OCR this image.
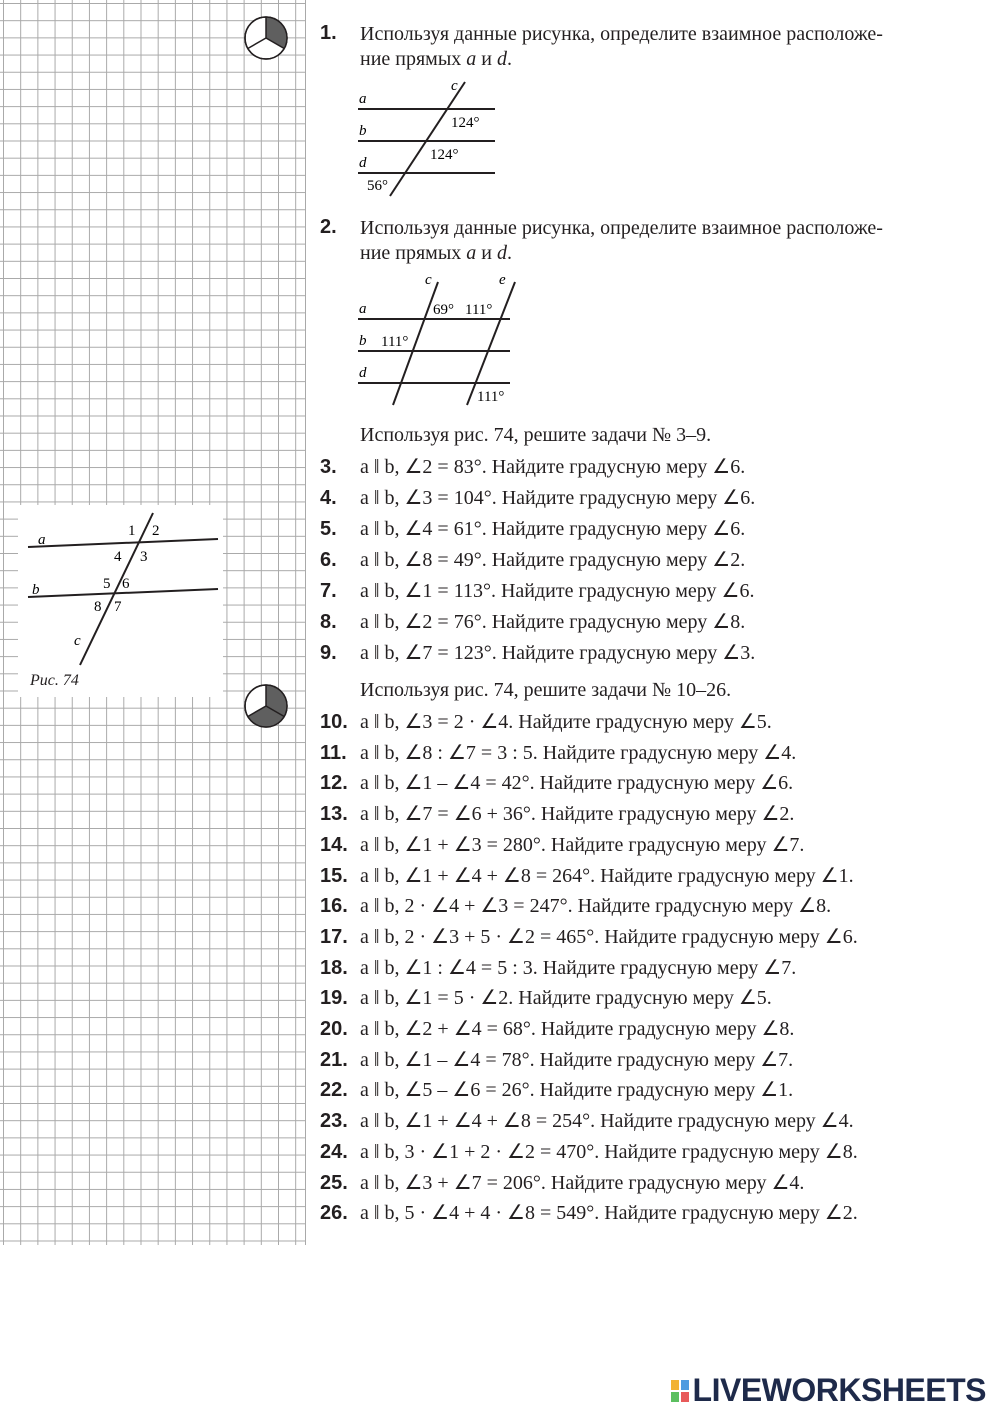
a
b
c
1 2
4 3
5 6
8 7
Рис. 74
1. Используя данные рисунка, определите взаимное расположе-
ние прямых a и d.
a
b
d
c
124°
124°
56°
2. Используя данные рисунка, определите взаимное расположе-
ние прямых a и d.
a
b
d
c	e
69° 111°
111°
111°
Используя рис. 74, решите задачи № 3–9.
Используя рис. 74, решите задачи № 10–26.
3. a ‖ b, ∠2 = 83°. Найдите градусную меру ∠6.
4. a ‖ b, ∠3 = 104°. Найдите градусную меру ∠6.
5. a ‖ b, ∠4 = 61°. Найдите градусную меру ∠6.
6. a ‖ b, ∠8 = 49°. Найдите градусную меру ∠2.
7. a ‖ b, ∠1 = 113°. Найдите градусную меру ∠6.
8. a ‖ b, ∠2 = 76°. Найдите градусную меру ∠8.
9. a ‖ b, ∠7 = 123°. Найдите градусную меру ∠3.
10. a ‖ b, ∠3 = 2 · ∠4. Найдите градусную меру ∠5.
11. a ‖ b, ∠8 : ∠7 = 3 : 5. Найдите градусную меру ∠4.
12. a ‖ b, ∠1 – ∠4 = 42°. Найдите градусную меру ∠6.
13. a ‖ b, ∠7 = ∠6 + 36°. Найдите градусную меру ∠2.
14. a ‖ b, ∠1 + ∠3 = 280°. Найдите градусную меру ∠7.
15. a ‖ b, ∠1 + ∠4 + ∠8 = 264°. Найдите градусную меру ∠1.
16. a ‖ b, 2 · ∠4 + ∠3 = 247°. Найдите градусную меру ∠8.
17. a ‖ b, 2 · ∠3 + 5 · ∠2 = 465°. Найдите градусную меру ∠6.
18. a ‖ b, ∠1 : ∠4 = 5 : 3. Найдите градусную меру ∠7.
19. a ‖ b, ∠1 = 5 · ∠2. Найдите градусную меру ∠5.
20. a ‖ b, ∠2 + ∠4 = 68°. Найдите градусную меру ∠8.
21. a ‖ b, ∠1 – ∠4 = 78°. Найдите градусную меру ∠7.
22. a ‖ b, ∠5 – ∠6 = 26°. Найдите градусную меру ∠1.
23. a ‖ b, ∠1 + ∠4 + ∠8 = 254°. Найдите градусную меру ∠4.
24. a ‖ b, 3 · ∠1 + 2 · ∠2 = 470°. Найдите градусную меру ∠8.
25. a ‖ b, ∠3 + ∠7 = 206°. Найдите градусную меру ∠4.
26. a ‖ b, 5 · ∠4 + 4 · ∠8 = 549°. Найдите градусную меру ∠2.
LIVEWORKSHEETS
